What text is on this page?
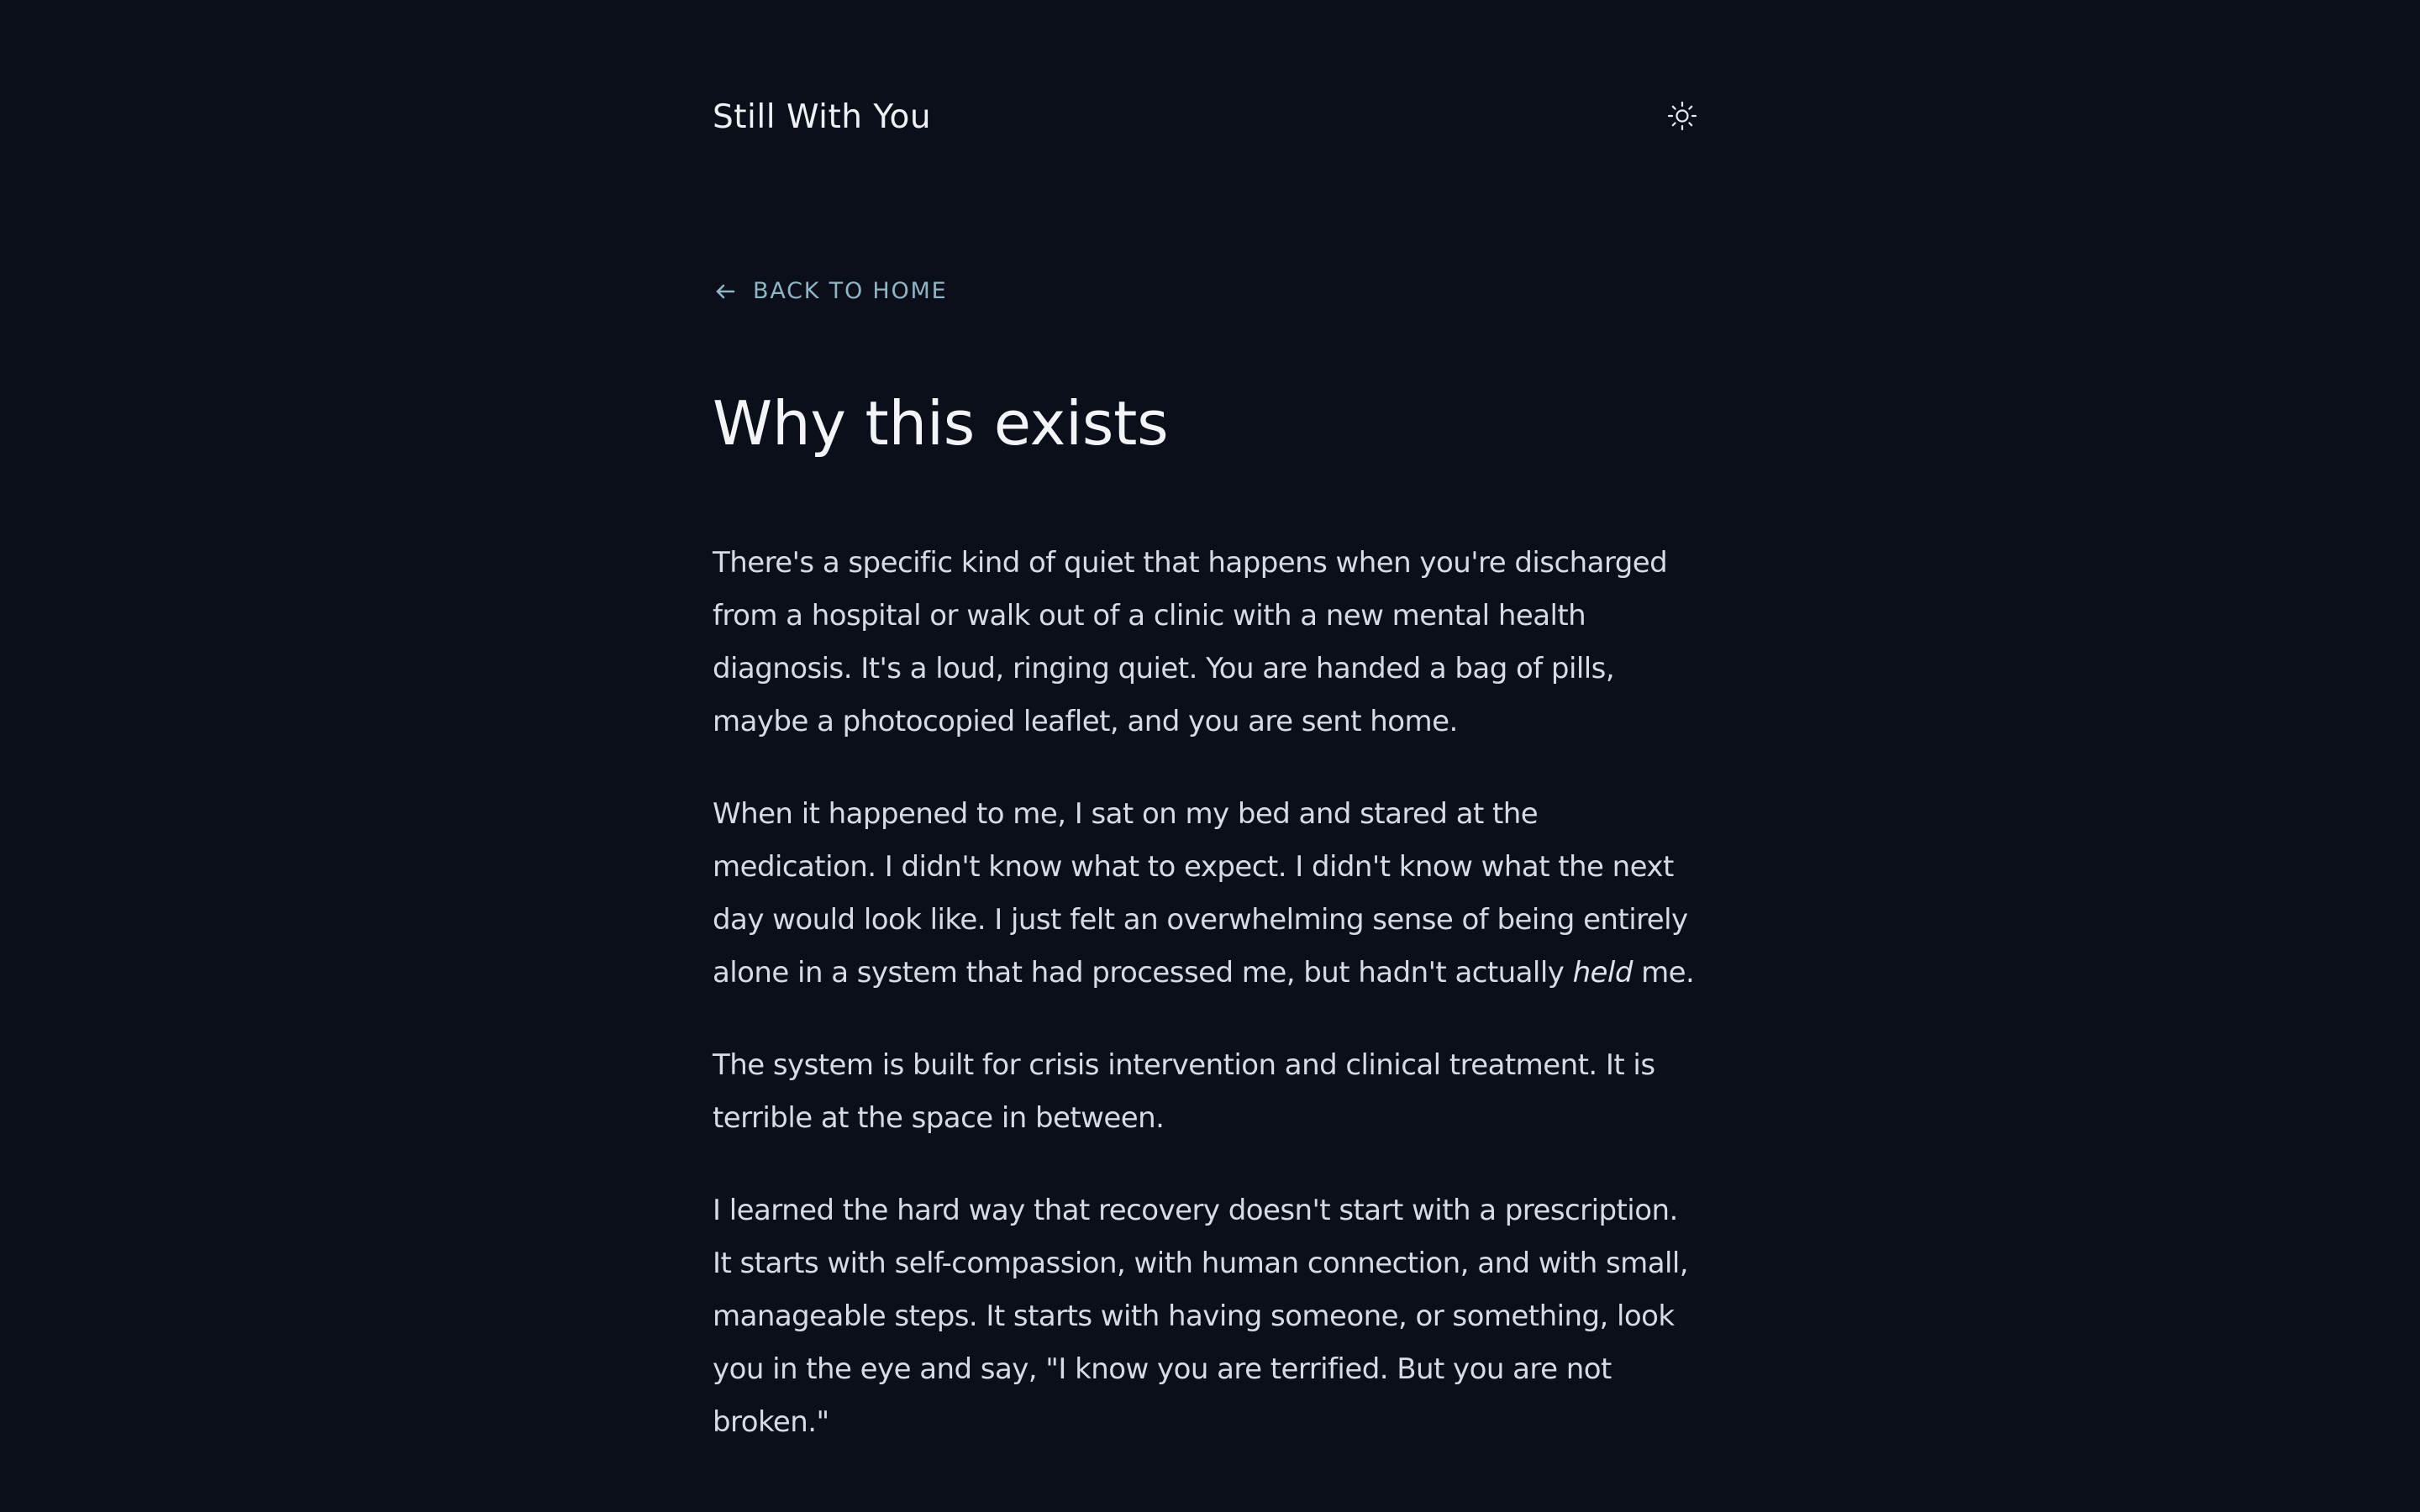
Still With You
BACK TO HOME
Why this exists

There's a specific kind of quiet that happens when you're discharged from a hospital or walk out of a clinic with a new mental health diagnosis. It's a loud, ringing quiet. You are handed a bag of pills, maybe a photocopied leaflet, and you are sent home.

When it happened to me, I sat on my bed and stared at the medication. I didn't know what to expect. I didn't know what the next day would look like. I just felt an overwhelming sense of being entirely alone in a system that had processed me, but hadn't actually held me.

The system is built for crisis intervention and clinical treatment. It is terrible at the space in between.

I learned the hard way that recovery doesn't start with a prescription. It starts with self-compassion, with human connection, and with small, manageable steps. It starts with having someone, or something, look you in the eye and say, "I know you are terrified. But you are not broken."
